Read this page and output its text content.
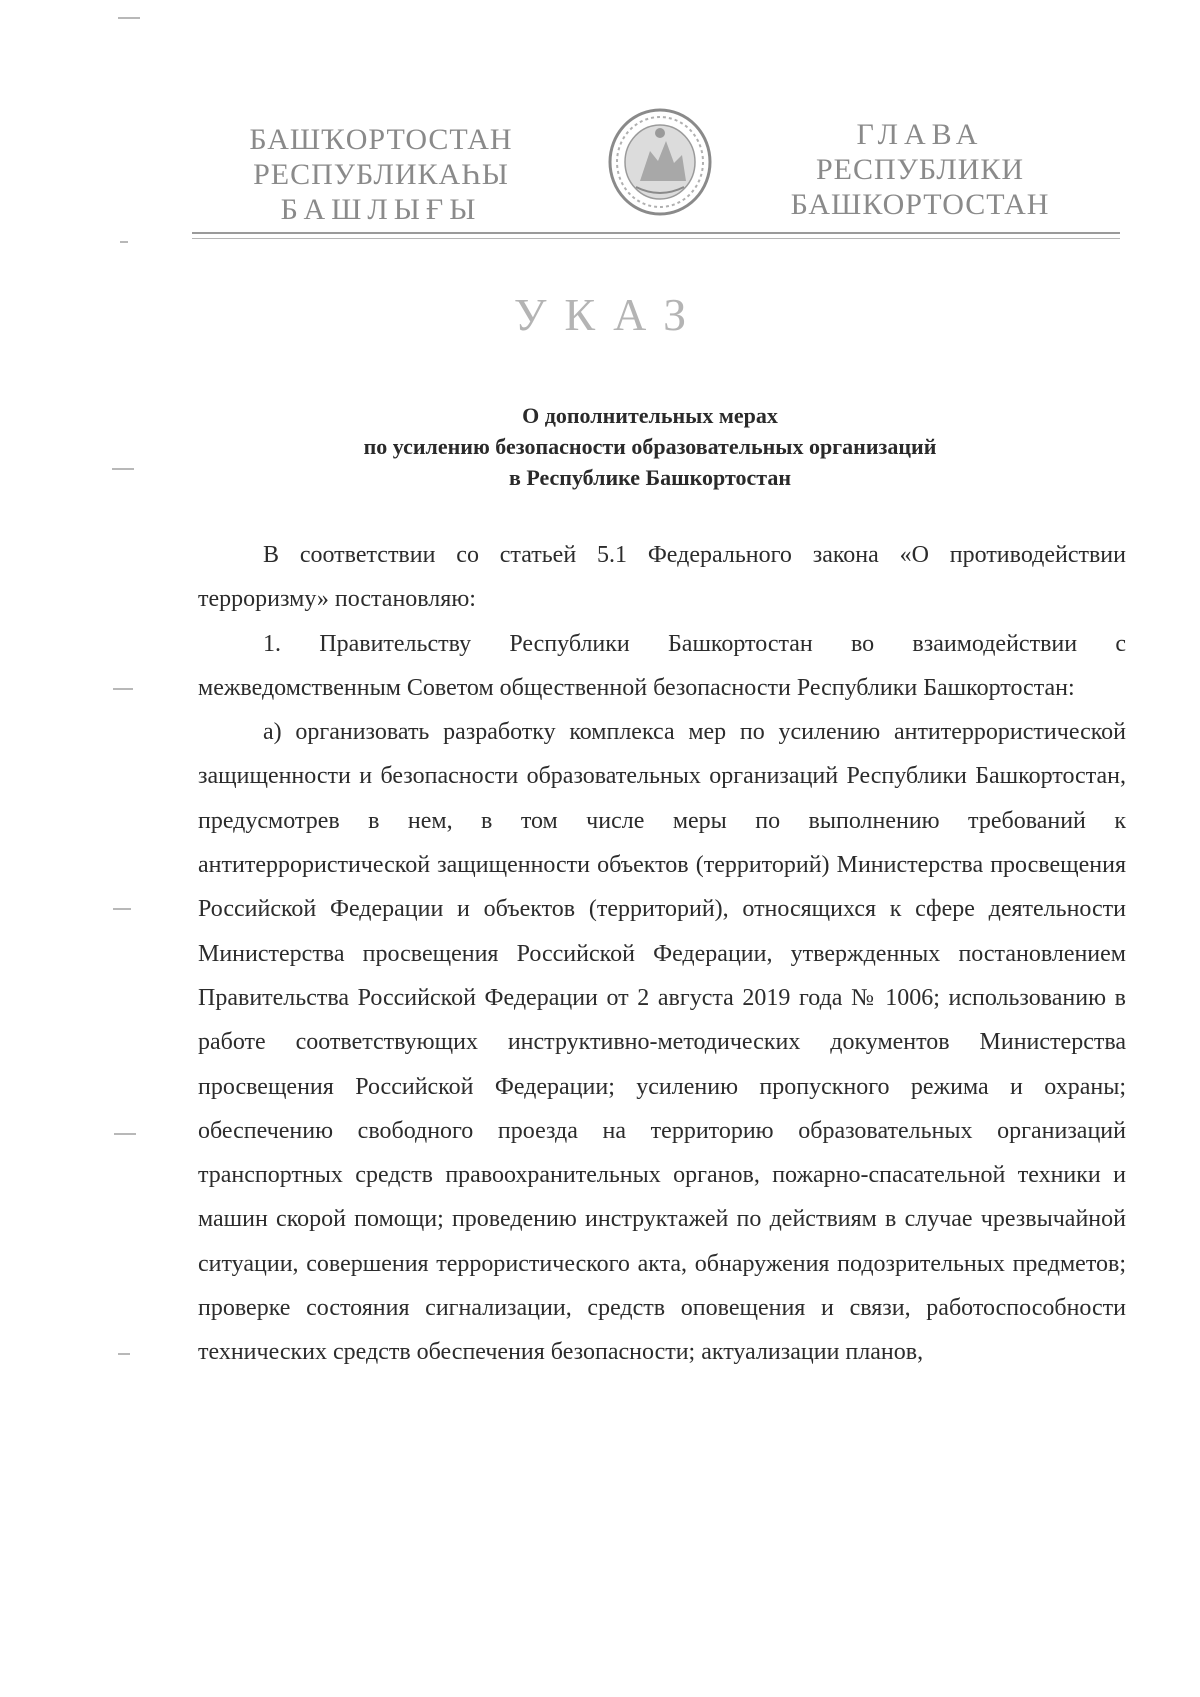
БАШҠОРТОСТАН
РЕСПУБЛИКАҺЫ
БАШЛЫҒЫ
ГЛАВА
РЕСПУБЛИКИ
БАШКОРТОСТАН
УКАЗ
О дополнительных мерах
по усилению безопасности образовательных организаций
в Республике Башкортостан

В соответствии со статьей 5.1 Федерального закона «О противодействии терроризму» постановляю:

1. Правительству Республики Башкортостан во взаимодействии с межведомственным Советом общественной безопасности Республики Башкортостан:

а) организовать разработку комплекса мер по усилению антитеррористической защищенности и безопасности образовательных организаций Республики Башкортостан, предусмотрев в нем, в том числе меры по выполнению требований к антитеррористической защищенности объектов (территорий) Министерства просвещения Российской Федерации и объектов (территорий), относящихся к сфере деятельности Министерства просвещения Российской Федерации, утвержденных постановлением Правительства Российской Федерации от 2 августа 2019 года № 1006; использованию в работе соответствующих инструктивно-методических документов Министерства просвещения Российской Федерации; усилению пропускного режима и охраны; обеспечению свободного проезда на территорию образовательных организаций транспортных средств правоохранительных органов, пожарно-спасательной техники и машин скорой помощи; проведению инструктажей по действиям в случае чрезвычайной ситуации, совершения террористического акта, обнаружения подозрительных предметов; проверке состояния сигнализации, средств оповещения и связи, работоспособности технических средств обеспечения безопасности; актуализации планов,
